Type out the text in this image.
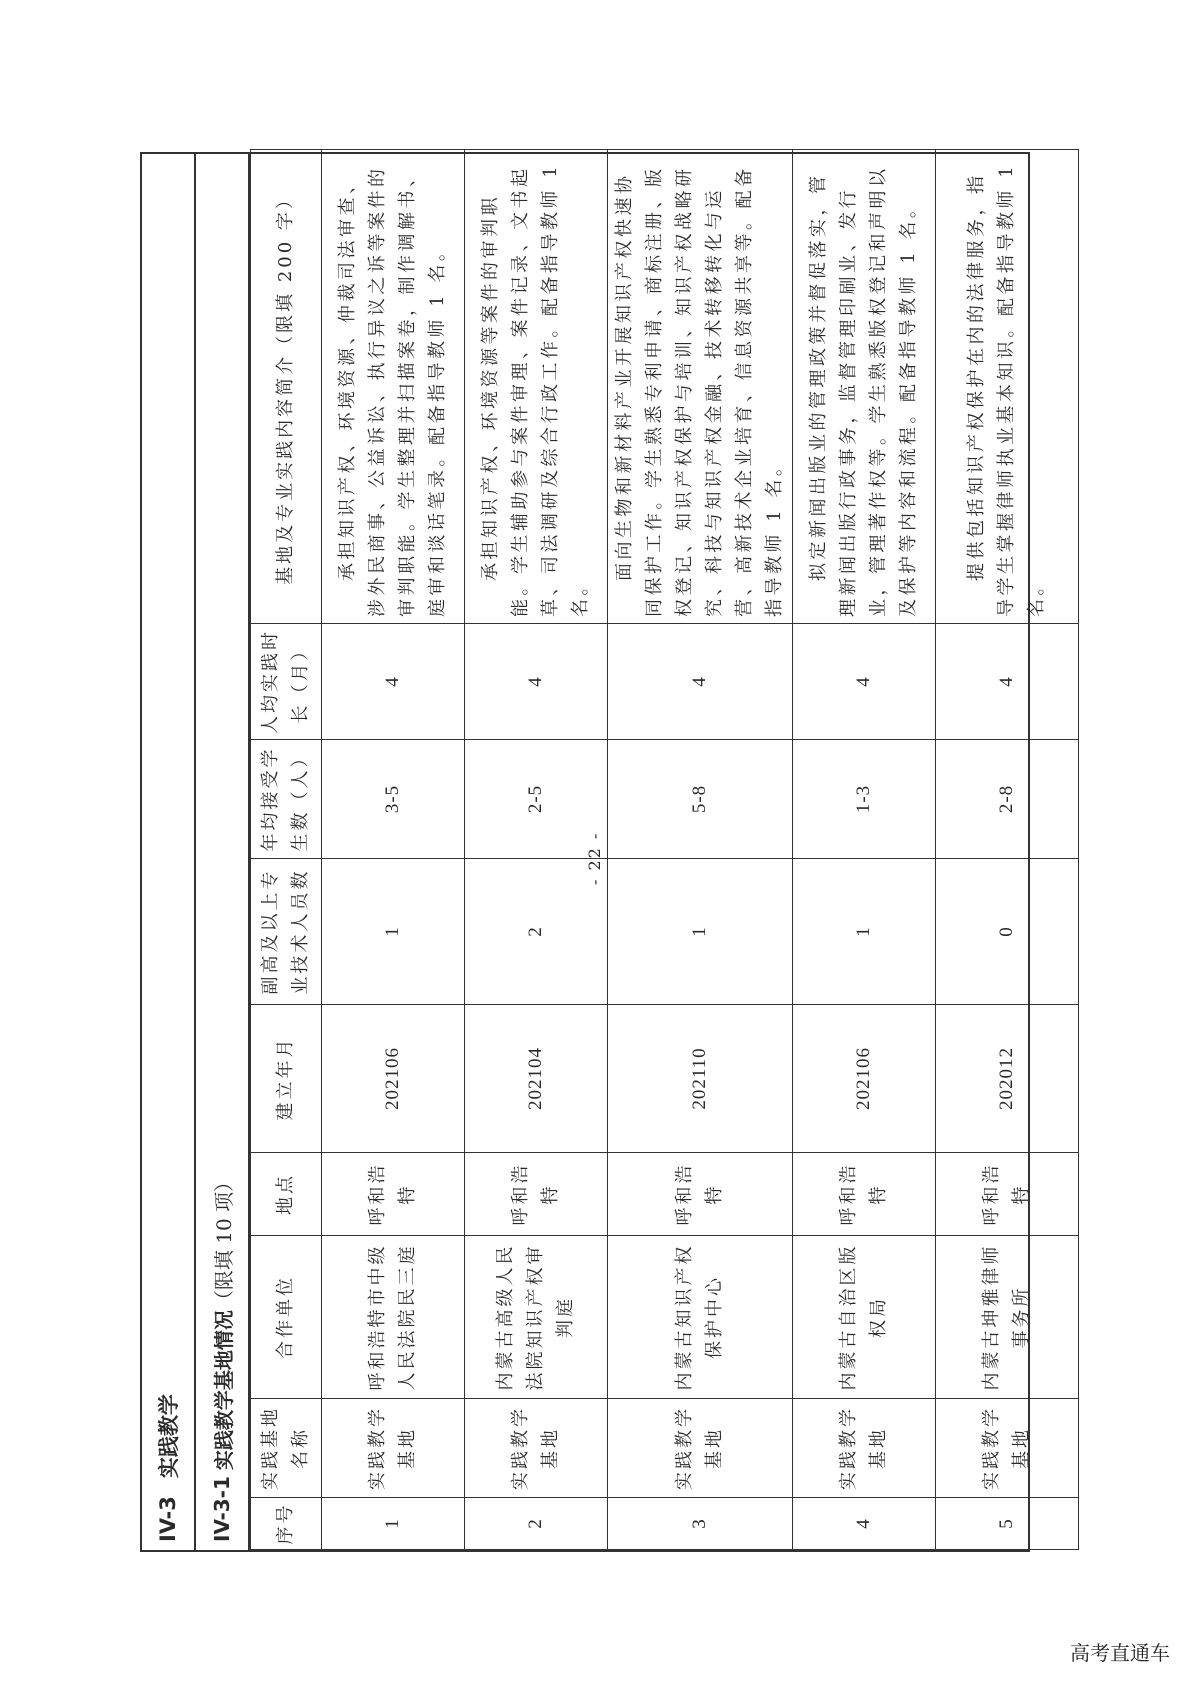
IV-3
实践教学
IV-3-1
实践教学基地情况
（限填 10 项）
序号	实践基地名称	合作单位	地点	建立年月	副高及以上专业技术人员数	年均接受学生数（人）	人均实践时长（月）	基地及专业实践内容简介（限填 200 字）
1	实践教学基地	呼和浩特市中级人民法院民三庭	呼和浩特	202106	1	3-5	4	承担知识产权、环境资源、仲裁司法审查、涉外民商事、公益诉讼、执行异议之诉等案件的审判职能。学生整理并扫描案卷，制作调解书、庭审和谈话笔录。配备指导教师 1 名。
2	实践教学基地	内蒙古高级人民法院知识产权审判庭	呼和浩特	202104	2	2-5	4	承担知识产权、环境资源等案件的审判职能。学生辅助参与案件审理、案件记录、文书起草、司法调研及综合行政工作。配备指导教师 1 名。
3	实践教学基地	内蒙古知识产权保护中心	呼和浩特	202110	1	5-8	4	面向生物和新材料产业开展知识产权快速协同保护工作。学生熟悉专利申请、商标注册、版权登记、知识产权保护与培训、知识产权战略研究、科技与知识产权金融、技术转移转化与运营、高新技术企业培育、信息资源共享等。配备指导教师 1 名。
4	实践教学基地	内蒙古自治区版权局	呼和浩特	202106	1	1-3	4	拟定新闻出版业的管理政策并督促落实，管理新闻出版行政事务，监督管理印刷业、发行业，管理著作权等。学生熟悉版权登记和声明以及保护等内容和流程。配备指导教师 1 名。
5	实践教学基地	内蒙古坤雅律师事务所	呼和浩特	202012	0	2-8	4	提供包括知识产权保护在内的法律服务，指导学生掌握律师执业基本知识。配备指导教师 1 名。
- 22 -
高考直通车
